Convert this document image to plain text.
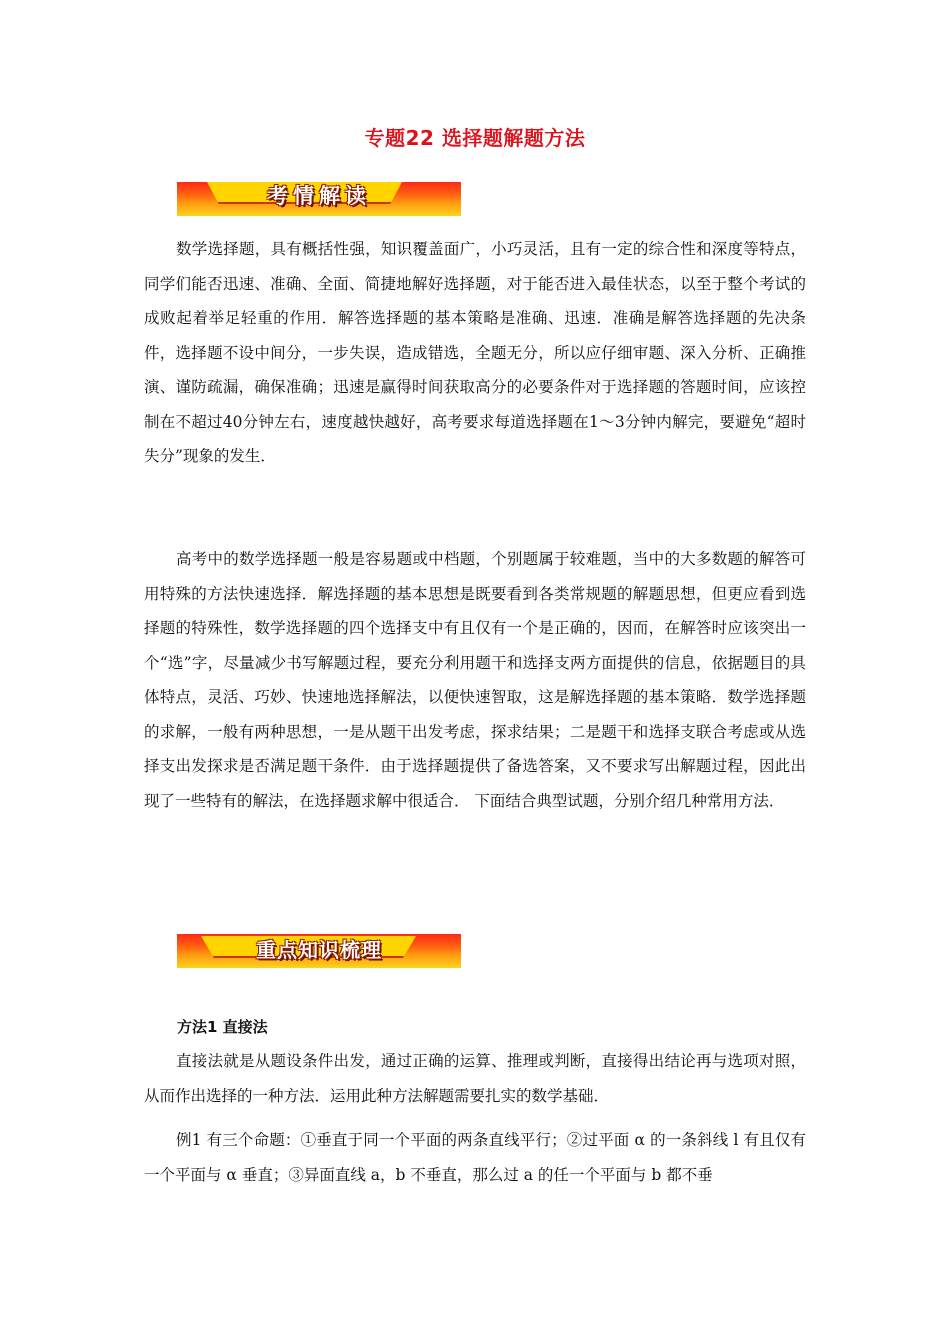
专题22 选择题解题方法
考情解读

数学选择题，具有概括性强，知识覆盖面广，小巧灵活，且有一定的综合性和深度等特点，同学们能否迅速、准确、全面、简捷地解好选择题，对于能否进入最佳状态，以至于整个考试的成败起着举足轻重的作用．解答选择题的基本策略是准确、迅速．准确是解答选择题的先决条件，选择题不设中间分，一步失误，造成错选，全题无分，所以应仔细审题、深入分析、正确推演、谨防疏漏，确保准确；迅速是赢得时间获取高分的必要条件对于选择题的答题时间，应该控制在不超过40分钟左右，速度越快越好，高考要求每道选择题在1～3分钟内解完，要避免“超时失分”现象的发生．

高考中的数学选择题一般是容易题或中档题，个别题属于较难题，当中的大多数题的解答可用特殊的方法快速选择．解选择题的基本思想是既要看到各类常规题的解题思想，但更应看到选择题的特殊性，数学选择题的四个选择支中有且仅有一个是正确的，因而，在解答时应该突出一个“选”字，尽量减少书写解题过程，要充分利用题干和选择支两方面提供的信息，依据题目的具体特点，灵活、巧妙、快速地选择解法，以便快速智取，这是解选择题的基本策略．数学选择题的求解，一般有两种思想，一是从题干出发考虑，探求结果；二是题干和选择支联合考虑或从选择支出发探求是否满足题干条件．由于选择题提供了备选答案，又不要求写出解题过程，因此出现了一些特有的解法，在选择题求解中很适合． 下面结合典型试题，分别介绍几种常用方法．

重点知识梳理
方法1 直接法

直接法就是从题设条件出发，通过正确的运算、推理或判断，直接得出结论再与选项对照，从而作出选择的一种方法．运用此种方法解题需要扎实的数学基础．

例1 有三个命题：①垂直于同一个平面的两条直线平行；②过平面 α 的一条斜线 l 有且仅有一个平面与 α 垂直；③异面直线 a，b 不垂直，那么过 a 的任一个平面与 b 都不垂
